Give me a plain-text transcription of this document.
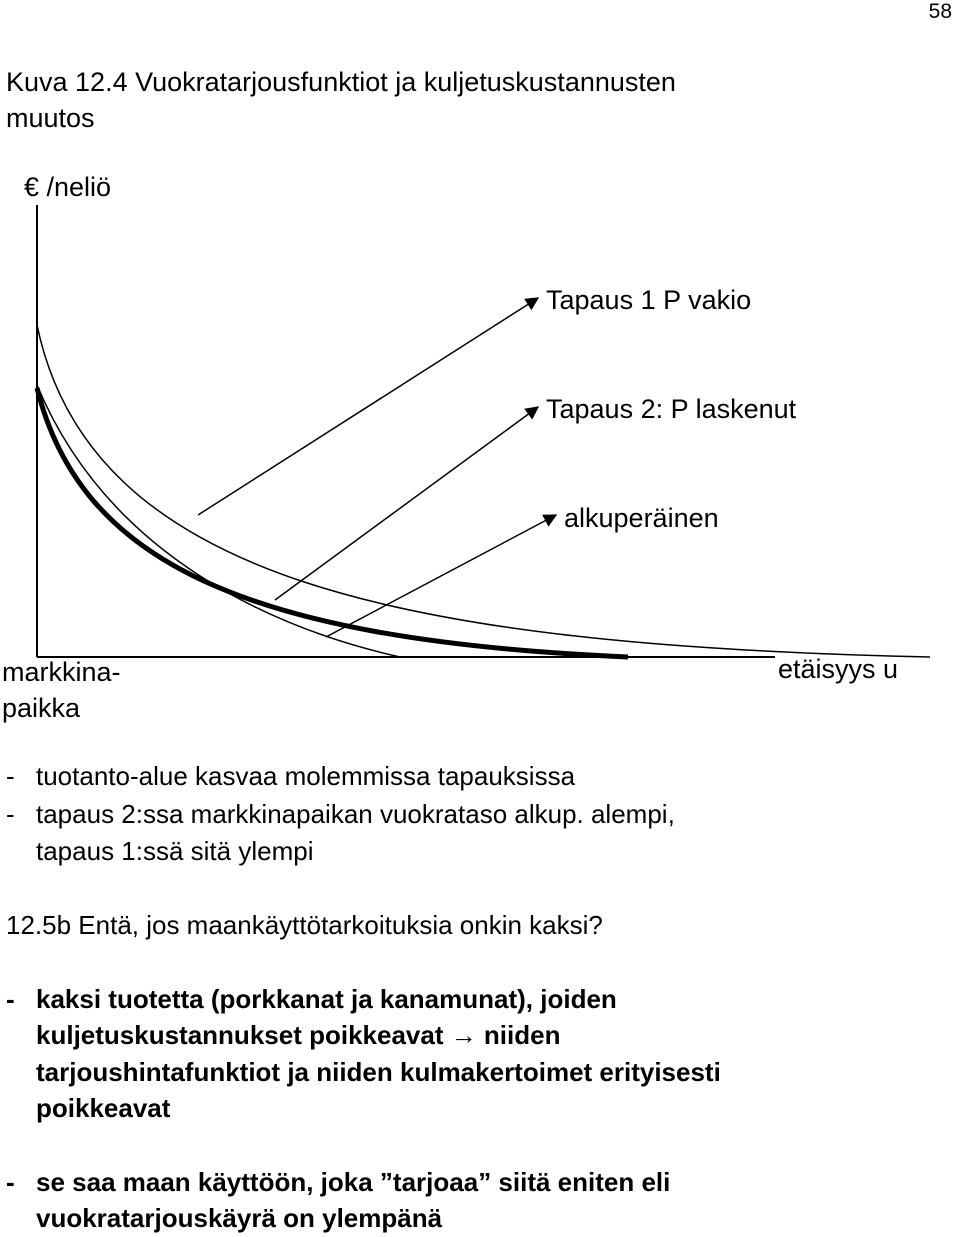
58
Kuva 12.4 Vuokratarjousfunktiot ja kuljetuskustannusten
muutos
€ /neliö
Tapaus 1 P vakio
Tapaus 2: P laskenut
alkuperäinen
markkina-
paikka
etäisyys u
- tuotanto-alue kasvaa molemmissa tapauksissa
- tapaus 2:ssa markkinapaikan vuokrataso alkup. alempi,
tapaus 1:ssä sitä ylempi
12.5b Entä, jos maankäyttötarkoituksia onkin kaksi?
- kaksi tuotetta (porkkanat ja kanamunat), joiden
kuljetuskustannukset poikkeavat → niiden
tarjoushintafunktiot ja niiden kulmakertoimet erityisesti
poikkeavat
- se saa maan käyttöön, joka ”tarjoaa” siitä eniten eli
vuokratarjouskäyrä on ylempänä
